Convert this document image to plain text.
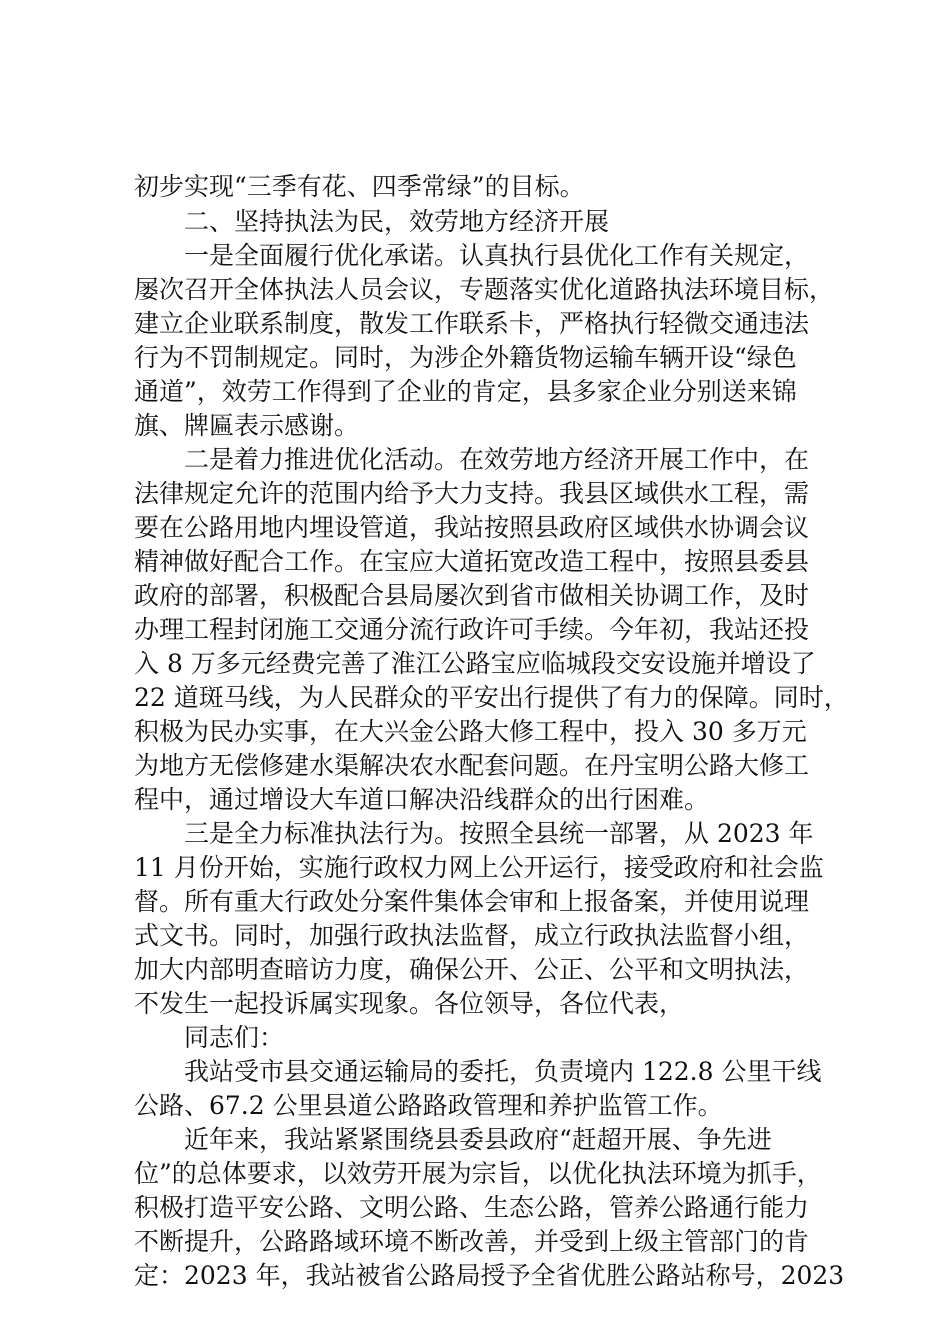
初步实现“三季有花、四季常绿”的目标。
二、坚持执法为民，效劳地方经济开展
一是全面履行优化承诺。认真执行县优化工作有关规定，
屡次召开全体执法人员会议，专题落实优化道路执法环境目标，
建立企业联系制度，散发工作联系卡，严格执行轻微交通违法
行为不罚制规定。同时，为涉企外籍货物运输车辆开设“绿色
通道”，效劳工作得到了企业的肯定，县多家企业分别送来锦
旗、牌匾表示感谢。
二是着力推进优化活动。在效劳地方经济开展工作中，在
法律规定允许的范围内给予大力支持。我县区域供水工程，需
要在公路用地内埋设管道，我站按照县政府区域供水协调会议
精神做好配合工作。在宝应大道拓宽改造工程中，按照县委县
政府的部署，积极配合县局屡次到省市做相关协调工作，及时
办理工程封闭施工交通分流行政许可手续。今年初，我站还投
入 8 万多元经费完善了淮江公路宝应临城段交安设施并增设了
22 道斑马线，为人民群众的平安出行提供了有力的保障。同时，
积极为民办实事，在大兴金公路大修工程中，投入 30 多万元
为地方无偿修建水渠解决农水配套问题。在丹宝明公路大修工
程中，通过增设大车道口解决沿线群众的出行困难。
三是全力标准执法行为。按照全县统一部署，从 2023 年
11 月份开始，实施行政权力网上公开运行，接受政府和社会监
督。所有重大行政处分案件集体会审和上报备案，并使用说理
式文书。同时，加强行政执法监督，成立行政执法监督小组，
加大内部明查暗访力度，确保公开、公正、公平和文明执法，
不发生一起投诉属实现象。各位领导，各位代表，
同志们：
我站受市县交通运输局的委托，负责境内 122.8 公里干线
公路、67.2 公里县道公路路政管理和养护监管工作。
近年来，我站紧紧围绕县委县政府“赶超开展、争先进
位”的总体要求，以效劳开展为宗旨，以优化执法环境为抓手，
积极打造平安公路、文明公路、生态公路，管养公路通行能力
不断提升，公路路域环境不断改善，并受到上级主管部门的肯
定：2023 年，我站被省公路局授予全省优胜公路站称号，2023
